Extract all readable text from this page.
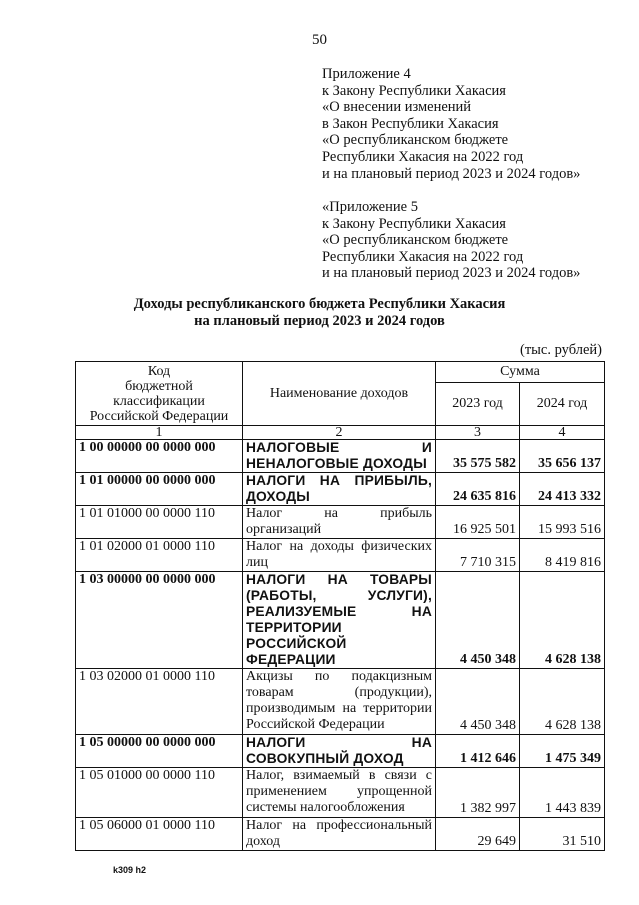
50
Приложение 4
к Закону Республики Хакасия
«О внесении изменений
в Закон Республики Хакасия
«О республиканском бюджете
Республики Хакасия на 2022 год
и на плановый период 2023 и 2024 годов»
«Приложение 5
к Закону Республики Хакасия
«О республиканском бюджете
Республики Хакасия на 2022 год
и на плановый период 2023 и 2024 годов»
Доходы республиканского бюджета Республики Хакасия
на плановый период 2023 и 2024 годов
(тыс. рублей)
Код
бюджетной
классификации
Российской Федерации	Наименование доходов	Сумма	
		2023 год	2024 год
1	2	3	4
1 00 00000 00 0000 000	НАЛОГОВЫЕ И НЕНАЛОГОВЫЕ ДОХОДЫ	35 575 582	35 656 137
1 01 00000 00 0000 000	НАЛОГИ НА ПРИБЫЛЬ, ДОХОДЫ	24 635 816	24 413 332
1 01 01000 00 0000 110	Налог на прибыль организаций	16 925 501	15 993 516
1 01 02000 01 0000 110	Налог на доходы физических лиц	7 710 315	8 419 816
1 03 00000 00 0000 000	НАЛОГИ НА ТОВАРЫ (РАБОТЫ, УСЛУГИ), РЕАЛИЗУЕМЫЕ НА ТЕРРИТОРИИ РОССИЙСКОЙ ФЕДЕРАЦИИ	4 450 348	4 628 138
1 03 02000 01 0000 110	Акцизы по подакцизным товарам (продукции), производимым на территории Российской Федерации	4 450 348	4 628 138
1 05 00000 00 0000 000	НАЛОГИ НА СОВОКУПНЫЙ ДОХОД	1 412 646	1 475 349
1 05 01000 00 0000 110	Налог, взимаемый в связи с применением упрощенной системы налогообложения	1 382 997	1 443 839
1 05 06000 01 0000 110	Налог на профессиональный доход	29 649	31 510
k309 h2
